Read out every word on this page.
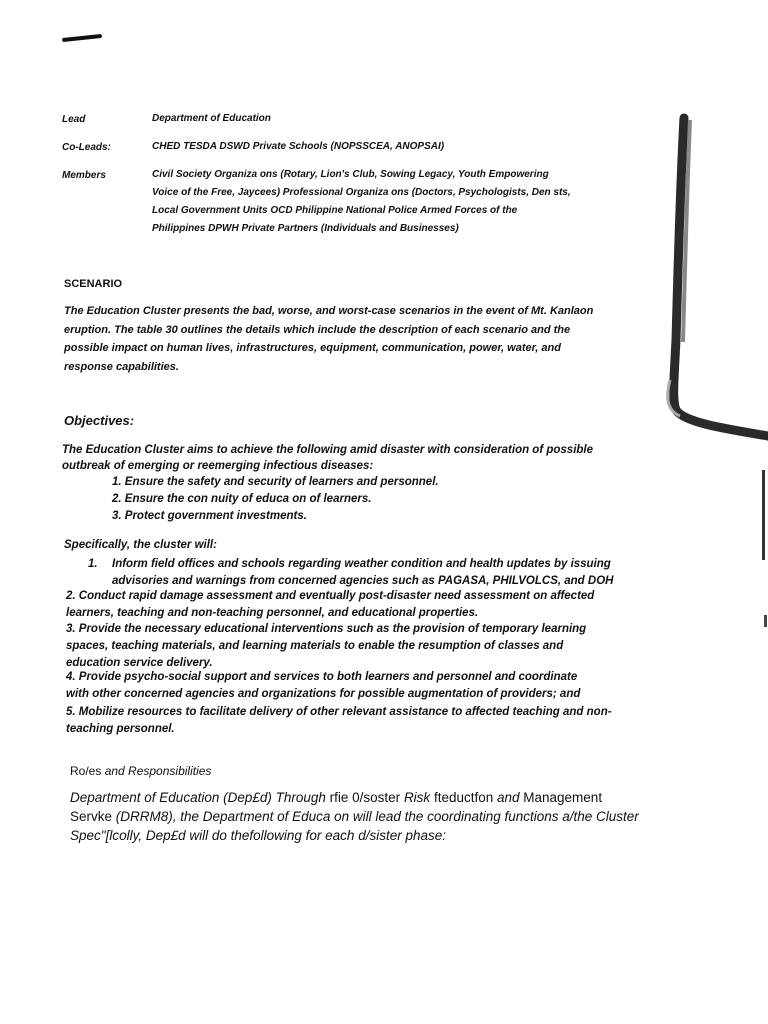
Lead	Department of Education
Co-Leads:	CHED TESDA DSWD Private Schools (NOPSSCEA, ANOPSAI)
Members	Civil Society Organiza ons (Rotary, Lion's Club, Sowing Legacy, Youth Empowering
Voice of the Free, Jaycees) Professional Organiza ons (Doctors, Psychologists, Den sts,
Local Government Units OCD Philippine National Police Armed Forces of the
Philippines DPWH Private Partners (Individuals and Businesses)
SCENARIO
The Education Cluster presents the bad, worse, and worst-case scenarios in the event of Mt. Kanlaon
eruption. The table 30 outlines the details which include the description of each scenario and the
possible impact on human lives, infrastructures, equipment, communication, power, water, and
response capabilities.
Objectives:
The Education Cluster aims to achieve the following amid disaster with consideration of possible
outbreak of emerging or reemerging infectious diseases:
1. Ensure the safety and security of learners and personnel.
2. Ensure the con nuity of educa on of learners.
3. Protect government investments.
Specifically, the cluster will:
1. Inform field offices and schools regarding weather condition and health updates by issuing
advisories and warnings from concerned agencies such as PAGASA, PHILVOLCS, and DOH
2. Conduct rapid damage assessment and eventually post-disaster need assessment on affected
learners, teaching and non-teaching personnel, and educational properties.
3. Provide the necessary educational interventions such as the provision of temporary learning
spaces, teaching materials, and learning materials to enable the resumption of classes and
education service delivery.
4. Provide psycho-social support and services to both learners and personnel and coordinate
with other concerned agencies and organizations for possible augmentation of providers; and
5. Mobilize resources to facilitate delivery of other relevant assistance to affected teaching and non-
teaching personnel.
Ro/es and Responsibilities
Department of Education (Dep£d) Through rfie 0/soster Risk fteductfon and Management
Servke (DRRM8), the Department of Educa on will lead the coordinating functions a/the Cluster
Spec"[lcolly, Dep£d will do thefollowing for each d/sister phase:
